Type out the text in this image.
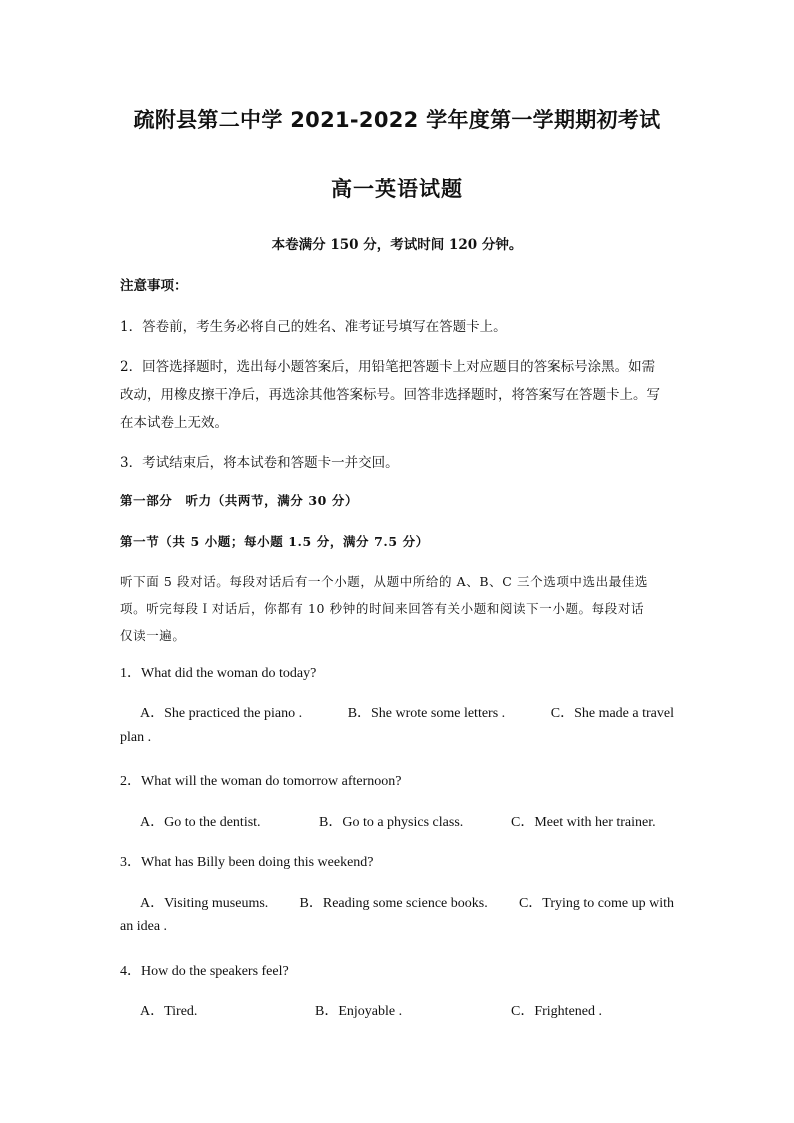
疏附县第二中学 2021-2022 学年度第一学期期初考试
高一英语试题

本卷满分 150 分，考试时间 120 分钟。

注意事项：

1．答卷前，考生务必将自己的姓名、准考证号填写在答题卡上。

2．回答选择题时，选出每小题答案后，用铅笔把答题卡上对应题目的答案标号涂黑。如需

改动，用橡皮擦干净后，再选涂其他答案标号。回答非选择题时，将答案写在答题卡上。写

在本试卷上无效。

3．考试结束后，将本试卷和答题卡一并交回。

第一部分　听力（共两节，满分 30 分）

第一节（共 5 小题；每小题 1.5 分，满分 7.5 分）

听下面 5 段对话。每段对话后有一个小题，从题中所给的 A、B、C 三个选项中选出最佳选

项。听完每段Ｉ对话后，你都有 10 秒钟的时间来回答有关小题和阅读下一小题。每段对话

仅读一遍。

1．What did the woman do today?

A．She practiced the piano .	B．She wrote some letters .	C．She made a travel

plan .

2．What will the woman do tomorrow afternoon?

A．Go to the dentist.	B．Go to a physics class.	C．Meet with her trainer.

3．What has Billy been doing this weekend?

A．Visiting museums. B．Reading some science books. C．Trying to come up with

an idea .

4．How do the speakers feel?

A．Tired.	B．Enjoyable .	C．Frightened .
